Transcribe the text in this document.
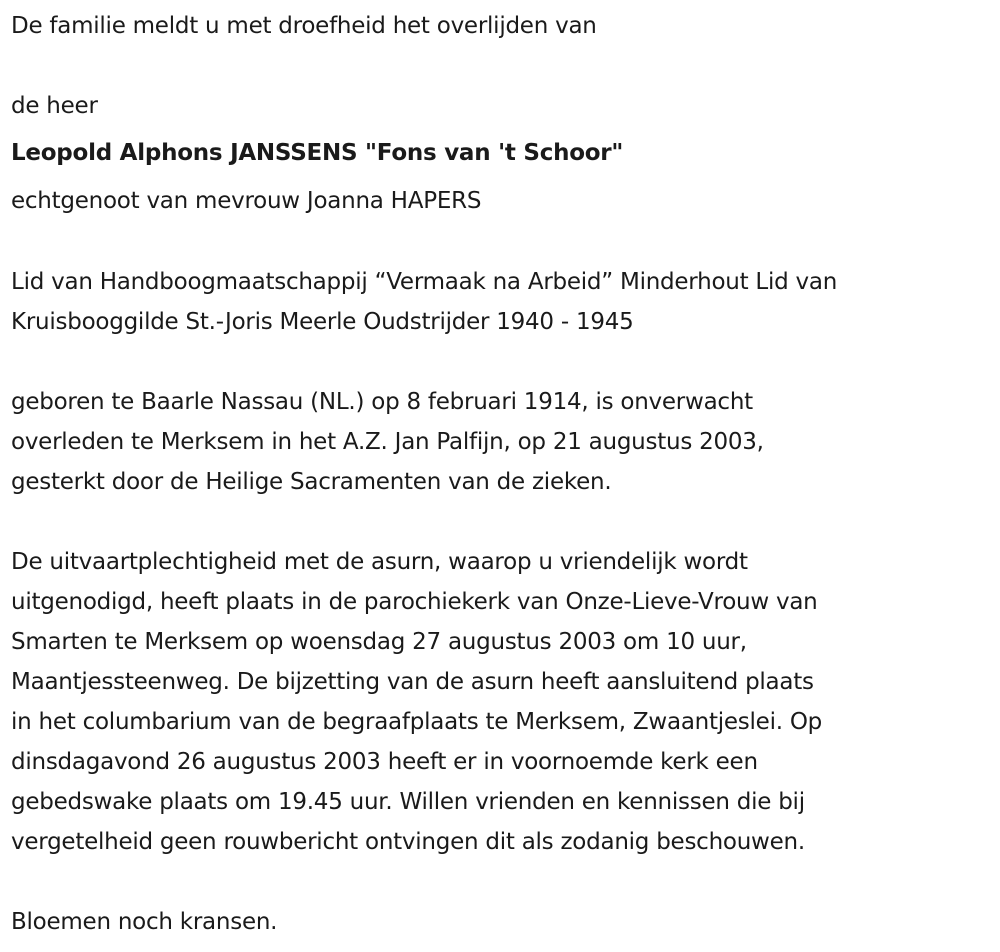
De familie meldt u met droefheid het overlijden van
de heer
Leopold Alphons JANSSENS "Fons van 't Schoor"
echtgenoot van mevrouw Joanna HAPERS
Lid van Handboogmaatschappij “Vermaak na Arbeid” Minderhout Lid van
Kruisbooggilde St.-Joris Meerle Oudstrijder 1940 - 1945
geboren te Baarle Nassau (NL.) op 8 februari 1914, is onverwacht
overleden te Merksem in het A.Z. Jan Palfijn, op 21 augustus 2003,
gesterkt door de Heilige Sacramenten van de zieken.
De uitvaartplechtigheid met de asurn, waarop u vriendelijk wordt
uitgenodigd, heeft plaats in de parochiekerk van Onze-Lieve-Vrouw van
Smarten te Merksem op woensdag 27 augustus 2003 om 10 uur,
Maantjessteenweg. De bijzetting van de asurn heeft aansluitend plaats
in het columbarium van de begraafplaats te Merksem, Zwaantjeslei. Op
dinsdagavond 26 augustus 2003 heeft er in voornoemde kerk een
gebedswake plaats om 19.45 uur. Willen vrienden en kennissen die bij
vergetelheid geen rouwbericht ontvingen dit als zodanig beschouwen.
Bloemen noch kransen.
